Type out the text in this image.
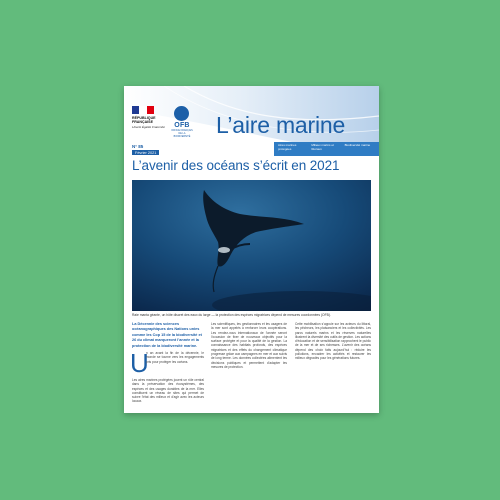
RÉPUBLIQUE
FRANÇAISE
Liberté Égalité Fraternité	OFB
OFFICE FRANÇAIS DE LA BIODIVERSITÉ L’aire marine
Aires marines protégées
Milieux marins et littoraux
Biodiversité marine
N° 85
Février 2021
L’avenir des océans s’écrit en 2021
Raie manta géante, un hôte discret des eaux du large — la protection des espèces migratrices dépend de mesures coordonnées (OFB).
La Décennie des sciences océanographiques des Nations unies comme les Cop 15 de la biodiversité et 26 du climat marqueront l’année et la protection de la biodiversité marine.
U
n an avant la fin de la décennie, le monde se tourne vers les engagements pris pour protéger les océans.
Les aires marines protégées jouent un rôle central dans la préservation des écosystèmes, des espèces et des usages durables de la mer. Elles constituent un réseau de sites qui permet de suivre l’état des milieux et d’agir avec les acteurs locaux.
Les scientifiques, les gestionnaires et les usagers de la mer sont appelés à renforcer leurs coopérations. Les rendez-vous internationaux de l’année seront l’occasion de fixer de nouveaux objectifs pour la surface protégée et pour la qualité de la gestion. La connaissance des habitats profonds, des espèces migratrices et des effets du changement climatique progresse grâce aux campagnes en mer et aux suivis de long terme. Les données collectées alimentent les décisions publiques et permettent d’adapter les mesures de protection.
Cette mobilisation s’appuie sur les acteurs du littoral, les pêcheurs, les plaisanciers et les collectivités. Les parcs naturels marins et les réserves naturelles illustrent la diversité des outils de gestion. Les actions d’éducation et de sensibilisation rapprochent le public de la mer et de ses richesses. L’avenir des océans dépend des choix faits aujourd’hui : réduire les pollutions, encadrer les activités et restaurer les milieux dégradés pour les générations futures.
